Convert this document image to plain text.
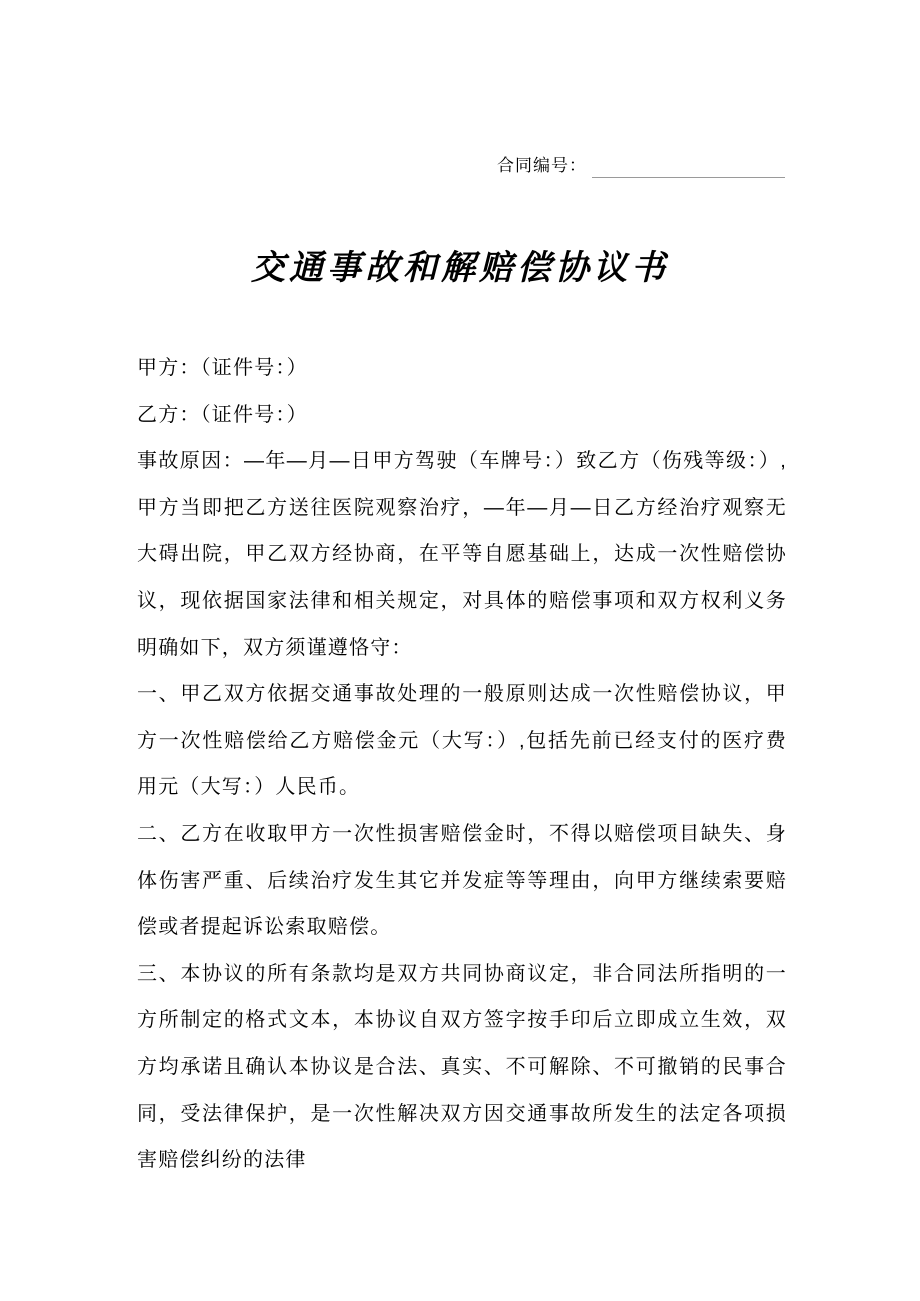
合同编号：
交通事故和解赔偿协议书

甲方：（证件号：）

乙方：（证件号：）

事故原因：—年—月—日甲方驾驶（车牌号：）致乙方（伤残等级：）,甲方当即把乙方送往医院观察治疗，—年—月—日乙方经治疗观察无大碍出院，甲乙双方经协商，在平等自愿基础上，达成一次性赔偿协议，现依据国家法律和相关规定，对具体的赔偿事项和双方权利义务明确如下，双方须谨遵恪守：

一、甲乙双方依据交通事故处理的一般原则达成一次性赔偿协议，甲方一次性赔偿给乙方赔偿金元（大写：）,包括先前已经支付的医疗费用元（大写：）人民币。

二、乙方在收取甲方一次性损害赔偿金时，不得以赔偿项目缺失、身体伤害严重、后续治疗发生其它并发症等等理由，向甲方继续索要赔偿或者提起诉讼索取赔偿。

三、本协议的所有条款均是双方共同协商议定，非合同法所指明的一方所制定的格式文本，本协议自双方签字按手印后立即成立生效，双方均承诺且确认本协议是合法、真实、不可解除、不可撤销的民事合同，受法律保护，是一次性解决双方因交通事故所发生的法定各项损害赔偿纠纷的法律
